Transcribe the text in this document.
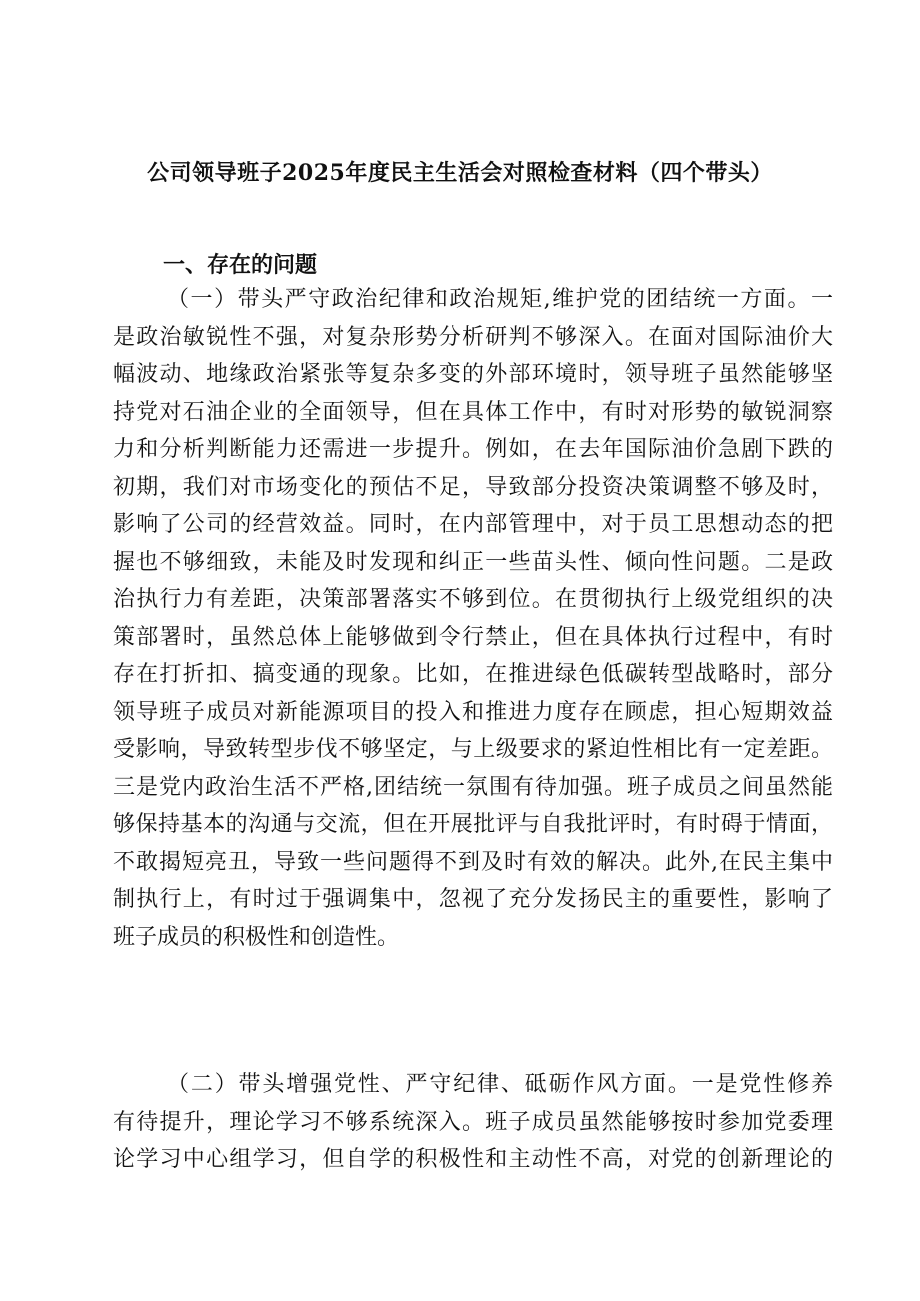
公司领导班子2025年度民主生活会对照检查材料（四个带头）
一、存在的问题
（一）带头严守政治纪律和政治规矩,维护党的团结统一方面。一
是政治敏锐性不强，对复杂形势分析研判不够深入。在面对国际油价大
幅波动、地缘政治紧张等复杂多变的外部环境时，领导班子虽然能够坚
持党对石油企业的全面领导，但在具体工作中，有时对形势的敏锐洞察
力和分析判断能力还需进一步提升。例如，在去年国际油价急剧下跌的
初期，我们对市场变化的预估不足，导致部分投资决策调整不够及时，
影响了公司的经营效益。同时，在内部管理中，对于员工思想动态的把
握也不够细致，未能及时发现和纠正一些苗头性、倾向性问题。二是政
治执行力有差距，决策部署落实不够到位。在贯彻执行上级党组织的决
策部署时，虽然总体上能够做到令行禁止，但在具体执行过程中，有时
存在打折扣、搞变通的现象。比如，在推进绿色低碳转型战略时，部分
领导班子成员对新能源项目的投入和推进力度存在顾虑，担心短期效益
受影响，导致转型步伐不够坚定，与上级要求的紧迫性相比有一定差距。
三是党内政治生活不严格,团结统一氛围有待加强。班子成员之间虽然能
够保持基本的沟通与交流，但在开展批评与自我批评时，有时碍于情面，
不敢揭短亮丑，导致一些问题得不到及时有效的解决。此外,在民主集中
制执行上，有时过于强调集中，忽视了充分发扬民主的重要性，影响了
班子成员的积极性和创造性。
（二）带头增强党性、严守纪律、砥砺作风方面。一是党性修养
有待提升，理论学习不够系统深入。班子成员虽然能够按时参加党委理
论学习中心组学习，但自学的积极性和主动性不高，对党的创新理论的
